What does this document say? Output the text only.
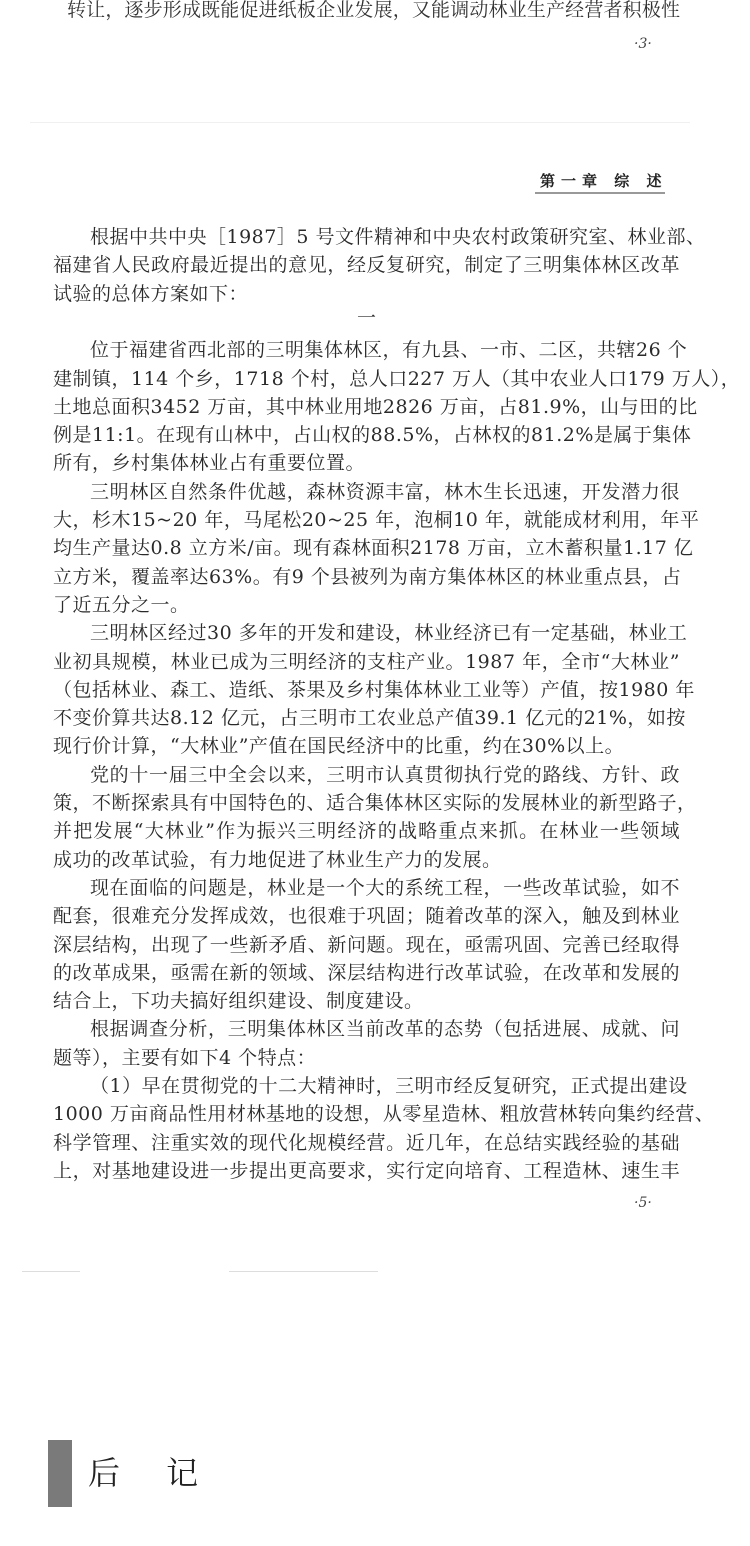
转让，逐步形成既能促进纸板企业发展，又能调动林业生产经营者积极性
·3·
第一章 综 述
一
根据中共中央［1987］5 号文件精神和中央农村政策研究室、林业部、
福建省人民政府最近提出的意见，经反复研究，制定了三明集体林区改革
试验的总体方案如下：
位于福建省西北部的三明集体林区，有九县、一市、二区，共辖26 个
建制镇，114 个乡，1718 个村，总人口227 万人（其中农业人口179 万人），
土地总面积3452 万亩，其中林业用地2826 万亩，占81.9%，山与田的比
例是11:1。在现有山林中，占山权的88.5%，占林权的81.2%是属于集体
所有，乡村集体林业占有重要位置。
三明林区自然条件优越，森林资源丰富，林木生长迅速，开发潜力很
大，杉木15~20 年，马尾松20~25 年，泡桐10 年，就能成材利用，年平
均生产量达0.8 立方米/亩。现有森林面积2178 万亩，立木蓄积量1.17 亿
立方米，覆盖率达63%。有9 个县被列为南方集体林区的林业重点县，占
了近五分之一。
三明林区经过30 多年的开发和建设，林业经济已有一定基础，林业工
业初具规模，林业已成为三明经济的支柱产业。1987 年，全市“大林业”
（包括林业、森工、造纸、茶果及乡村集体林业工业等）产值，按1980 年
不变价算共达8.12 亿元，占三明市工农业总产值39.1 亿元的21%，如按
现行价计算，“大林业”产值在国民经济中的比重，约在30%以上。
党的十一届三中全会以来，三明市认真贯彻执行党的路线、方针、政
策，不断探索具有中国特色的、适合集体林区实际的发展林业的新型路子，
并把发展“大林业”作为振兴三明经济的战略重点来抓。在林业一些领域
成功的改革试验，有力地促进了林业生产力的发展。
现在面临的问题是，林业是一个大的系统工程，一些改革试验，如不
配套，很难充分发挥成效，也很难于巩固；随着改革的深入，触及到林业
深层结构，出现了一些新矛盾、新问题。现在，亟需巩固、完善已经取得
的改革成果，亟需在新的领域、深层结构进行改革试验，在改革和发展的
结合上，下功夫搞好组织建设、制度建设。
根据调查分析，三明集体林区当前改革的态势（包括进展、成就、问
题等），主要有如下4 个特点：
（1）早在贯彻党的十二大精神时，三明市经反复研究，正式提出建设
1000 万亩商品性用材林基地的设想，从零星造林、粗放营林转向集约经营、
科学管理、注重实效的现代化规模经营。近几年，在总结实践经验的基础
上，对基地建设进一步提出更高要求，实行定向培育、工程造林、速生丰
·5·
后 记
